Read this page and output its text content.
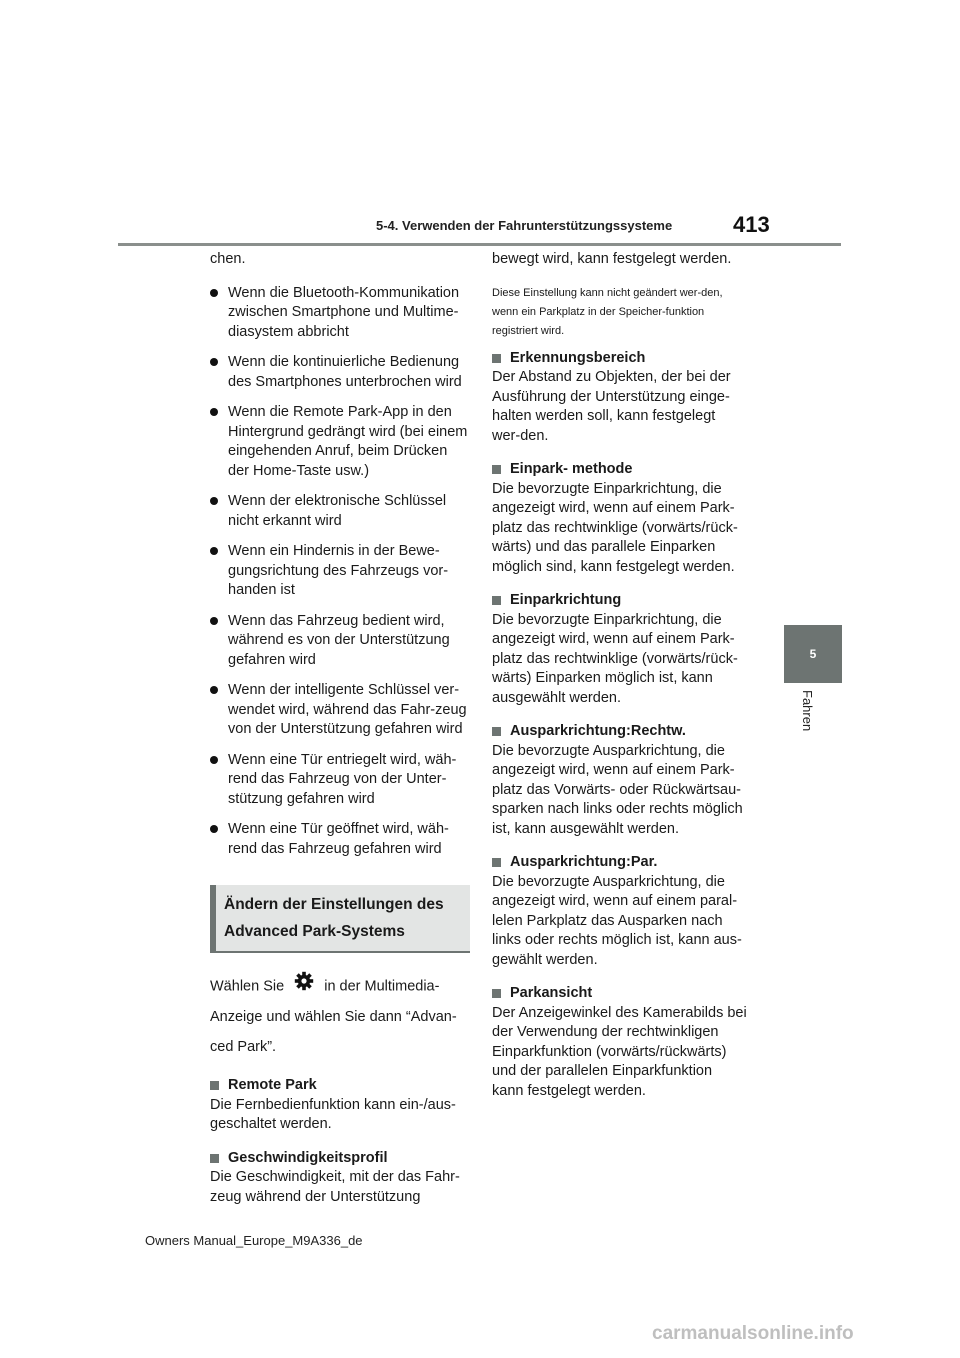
5-4. Verwenden der Fahrunterstützungssysteme	413
5
Fahren

chen.

Wenn die Bluetooth-Kommunikation zwischen Smartphone und Multime-diasystem abbricht
Wenn die kontinuierliche Bedienung des Smartphones unterbrochen wird
Wenn die Remote Park-App in den Hintergrund gedrängt wird (bei einem eingehenden Anruf, beim Drücken der Home-Taste usw.)
Wenn der elektronische Schlüssel nicht erkannt wird
Wenn ein Hindernis in der Bewe-gungsrichtung des Fahrzeugs vor-handen ist
Wenn das Fahrzeug bedient wird, während es von der Unterstützung gefahren wird
Wenn der intelligente Schlüssel ver-wendet wird, während das Fahr-zeug von der Unterstützung gefahren wird
Wenn eine Tür entriegelt wird, wäh-rend das Fahrzeug von der Unter-stützung gefahren wird
Wenn eine Tür geöffnet wird, wäh-rend das Fahrzeug gefahren wird
Ändern der Einstellungen des Advanced Park-Systems

Wählen Sie	in der Multimedia-Anzeige und wählen Sie dann “Advan-ced Park”.

Remote Park

Die Fernbedienfunktion kann ein-/aus-geschaltet werden.

Geschwindigkeitsprofil

Die Geschwindigkeit, mit der das Fahr-zeug während der Unterstützung

bewegt wird, kann festgelegt werden.

Diese Einstellung kann nicht geändert wer-den, wenn ein Parkplatz in der Speicher-funktion registriert wird.

Erkennungsbereich

Der Abstand zu Objekten, der bei der Ausführung der Unterstützung einge-halten werden soll, kann festgelegt wer-den.

Einpark- methode

Die bevorzugte Einparkrichtung, die angezeigt wird, wenn auf einem Park-platz das rechtwinklige (vorwärts/rück-wärts) und das parallele Einparken möglich sind, kann festgelegt werden.

Einparkrichtung

Die bevorzugte Einparkrichtung, die angezeigt wird, wenn auf einem Park-platz das rechtwinklige (vorwärts/rück-wärts) Einparken möglich ist, kann ausgewählt werden.

Ausparkrichtung:Rechtw.

Die bevorzugte Ausparkrichtung, die angezeigt wird, wenn auf einem Park-platz das Vorwärts- oder Rückwärtsau-sparken nach links oder rechts möglich ist, kann ausgewählt werden.

Ausparkrichtung:Par.

Die bevorzugte Ausparkrichtung, die angezeigt wird, wenn auf einem paral-lelen Parkplatz das Ausparken nach links oder rechts möglich ist, kann aus-gewählt werden.

Parkansicht

Der Anzeigewinkel des Kamerabilds bei der Verwendung der rechtwinkligen Einparkfunktion (vorwärts/rückwärts) und der parallelen Einparkfunktion kann festgelegt werden.

Owners Manual_Europe_M9A336_de
carmanualsonline.info
